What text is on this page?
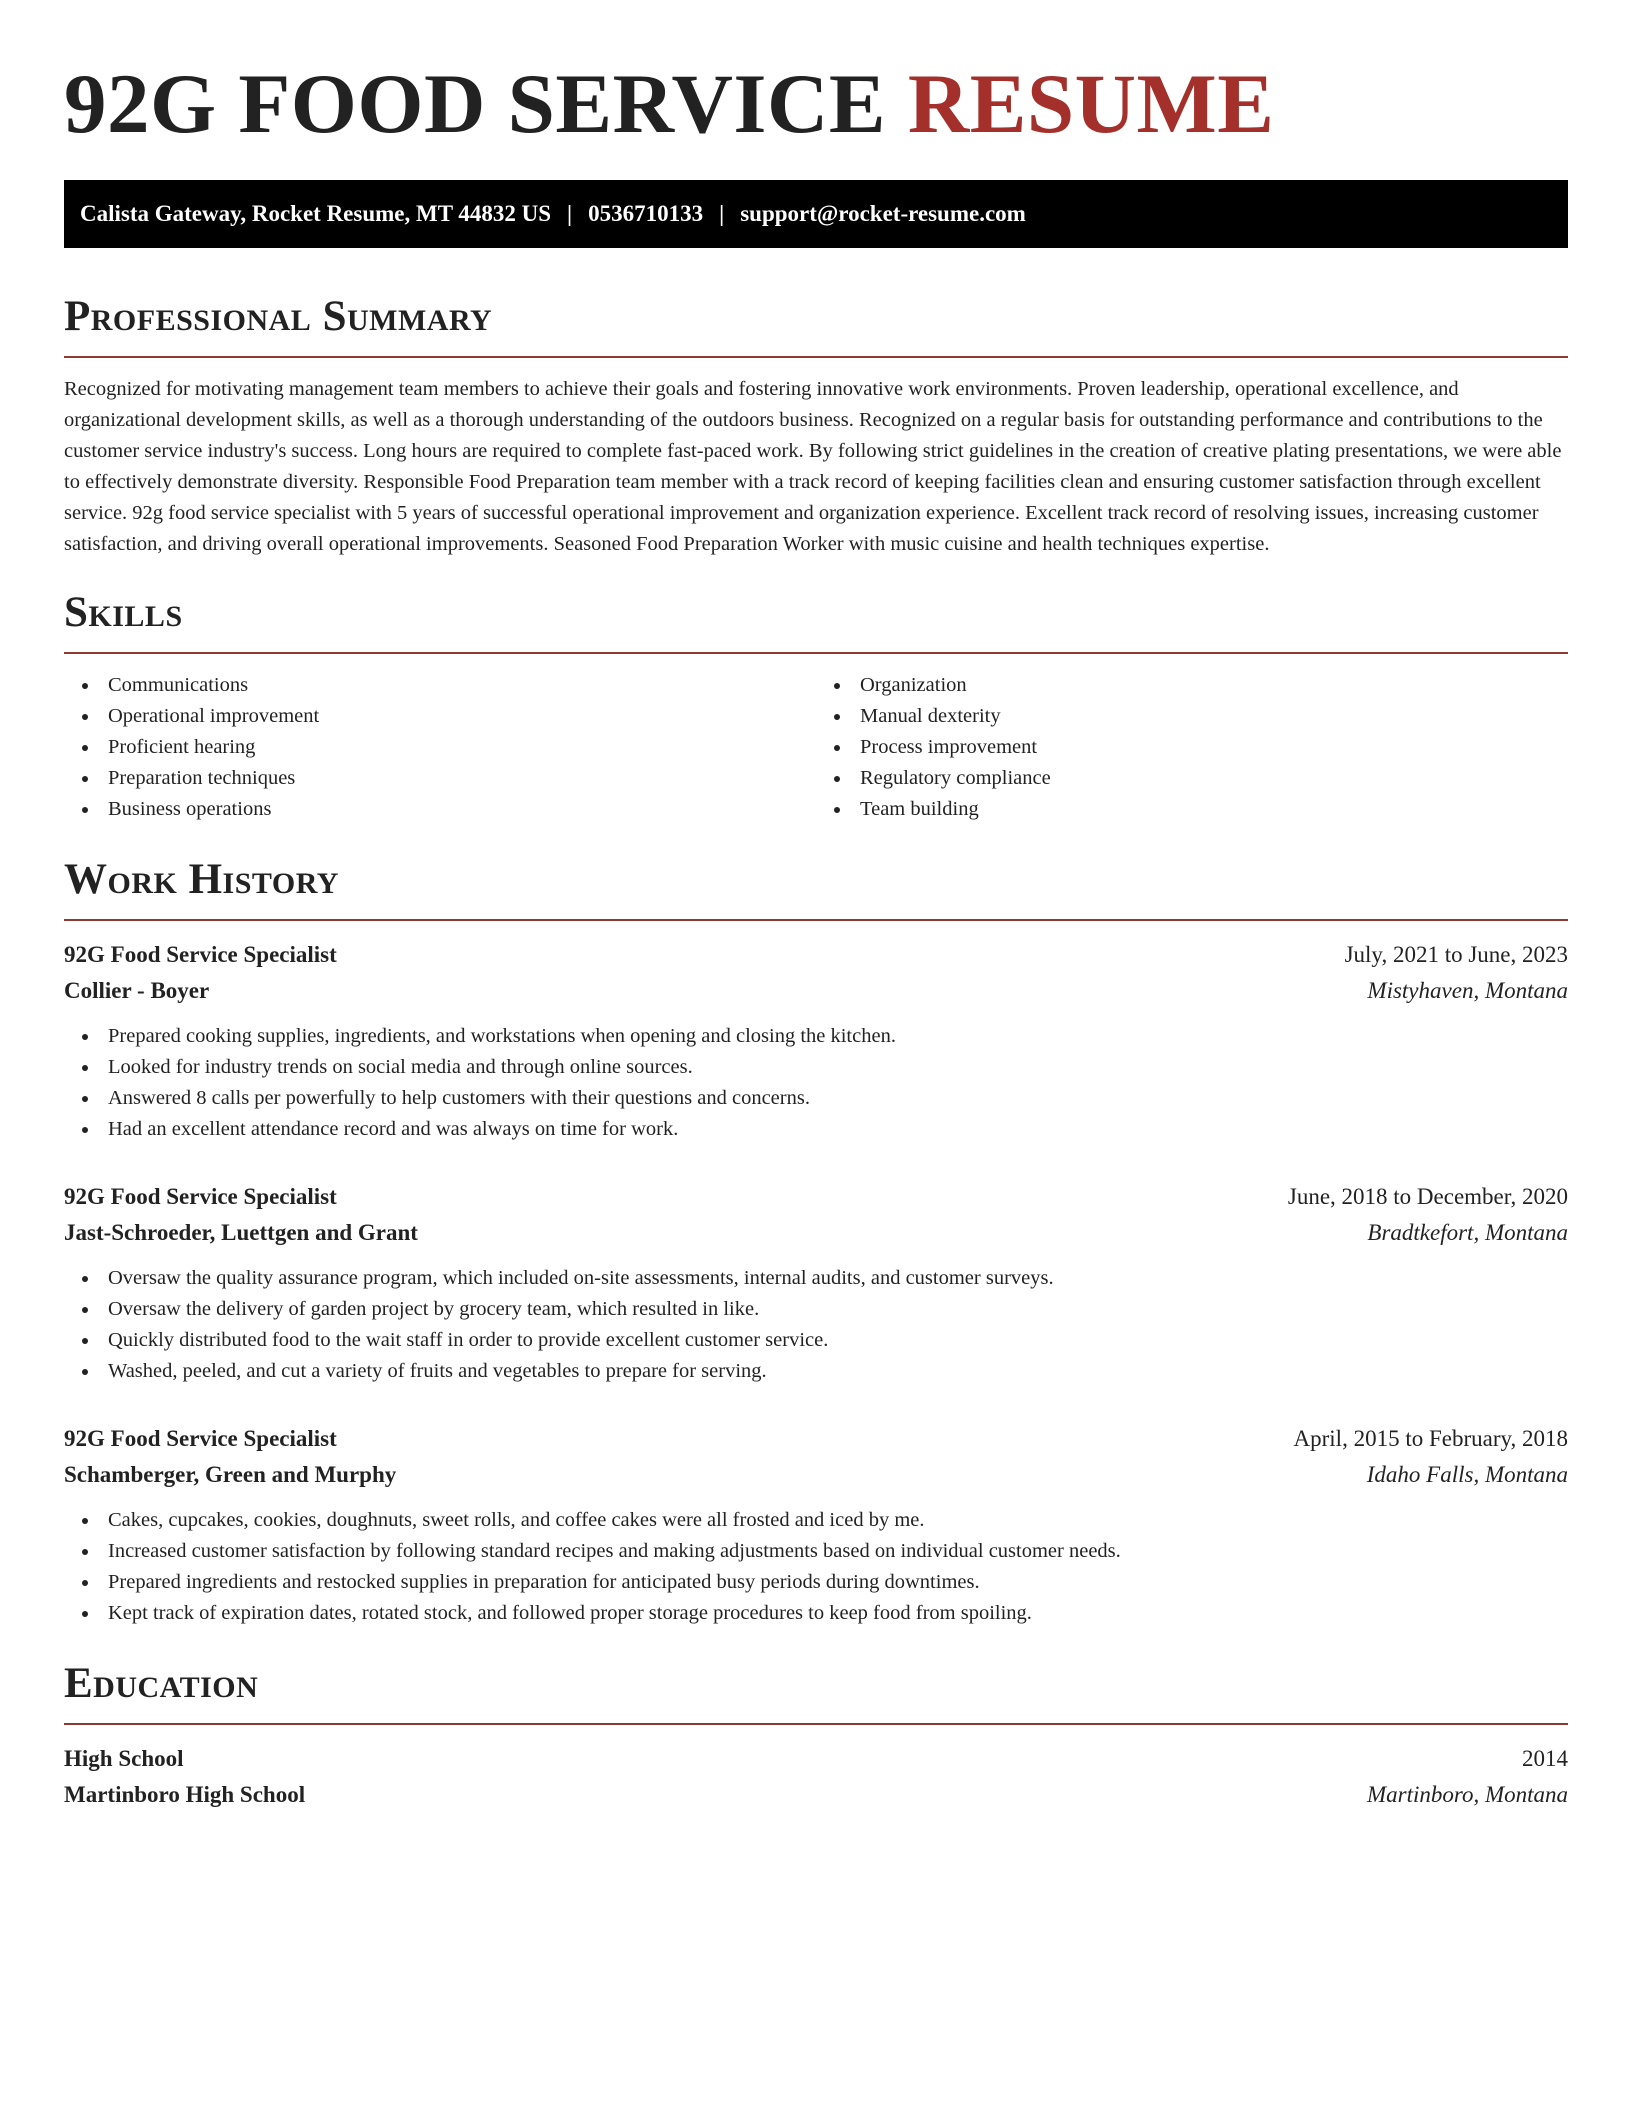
92G FOOD SERVICE RESUME
Calista Gateway, Rocket Resume, MT 44832 US | 0536710133 | support@rocket-resume.com
Professional Summary

Recognized for motivating management team members to achieve their goals and fostering innovative work environments. Proven leadership, operational excellence, and organizational development skills, as well as a thorough understanding of the outdoors business. Recognized on a regular basis for outstanding performance and contributions to the customer service industry's success. Long hours are required to complete fast-paced work. By following strict guidelines in the creation of creative plating presentations, we were able to effectively demonstrate diversity. Responsible Food Preparation team member with a track record of keeping facilities clean and ensuring customer satisfaction through excellent service. 92g food service specialist with 5 years of successful operational improvement and organization experience. Excellent track record of resolving issues, increasing customer satisfaction, and driving overall operational improvements. Seasoned Food Preparation Worker with music cuisine and health techniques expertise.

Skills
Communications
Operational improvement
Proficient hearing
Preparation techniques
Business operations
Organization
Manual dexterity
Process improvement
Regulatory compliance
Team building
Work History
92G Food Service Specialist	July, 2021 to June, 2023
Collier - Boyer	Mistyhaven, Montana
Prepared cooking supplies, ingredients, and workstations when opening and closing the kitchen.
Looked for industry trends on social media and through online sources.
Answered 8 calls per powerfully to help customers with their questions and concerns.
Had an excellent attendance record and was always on time for work.
92G Food Service Specialist	June, 2018 to December, 2020
Jast-Schroeder, Luettgen and Grant	Bradtkefort, Montana
Oversaw the quality assurance program, which included on-site assessments, internal audits, and customer surveys.
Oversaw the delivery of garden project by grocery team, which resulted in like.
Quickly distributed food to the wait staff in order to provide excellent customer service.
Washed, peeled, and cut a variety of fruits and vegetables to prepare for serving.
92G Food Service Specialist	April, 2015 to February, 2018
Schamberger, Green and Murphy	Idaho Falls, Montana
Cakes, cupcakes, cookies, doughnuts, sweet rolls, and coffee cakes were all frosted and iced by me.
Increased customer satisfaction by following standard recipes and making adjustments based on individual customer needs.
Prepared ingredients and restocked supplies in preparation for anticipated busy periods during downtimes.
Kept track of expiration dates, rotated stock, and followed proper storage procedures to keep food from spoiling.
Education
High School	2014
Martinboro High School	Martinboro, Montana
